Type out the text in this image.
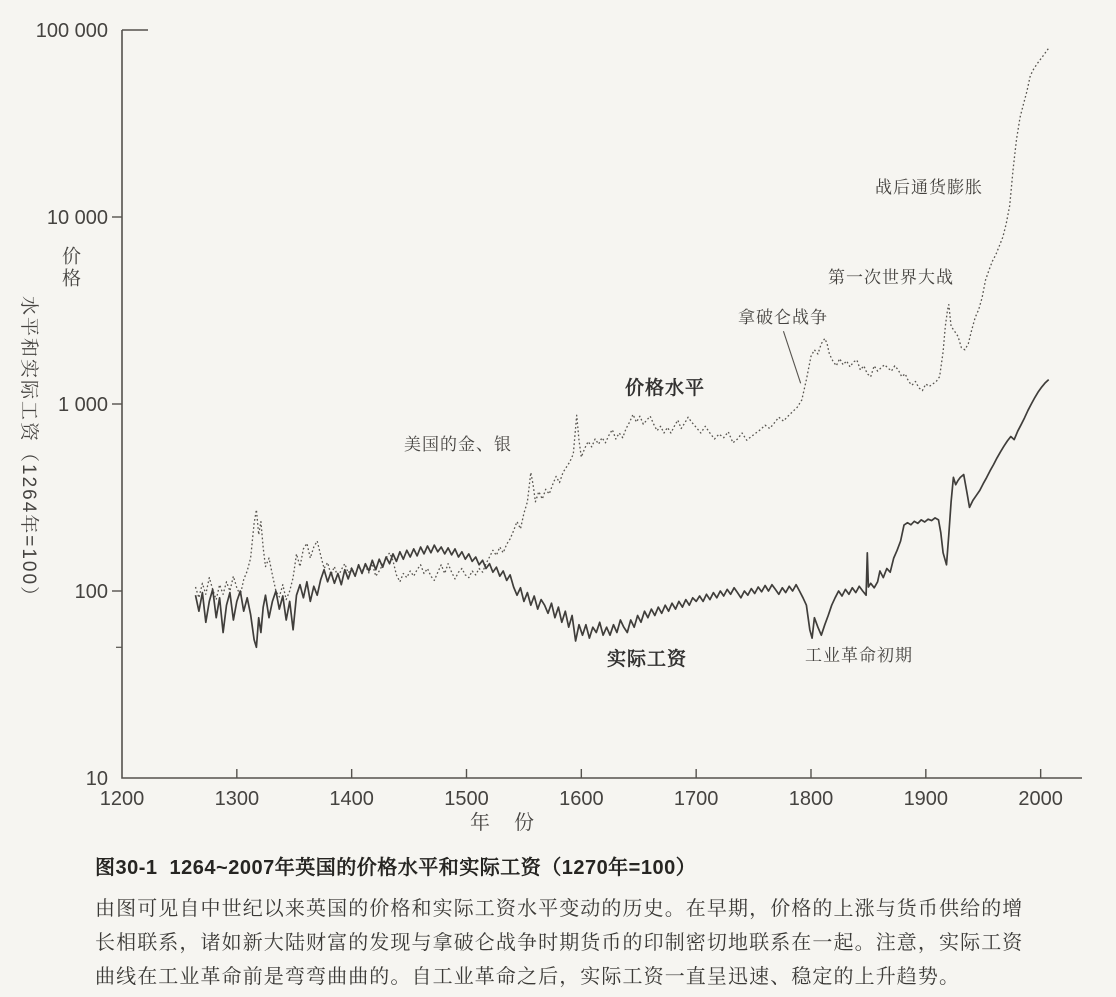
10
100
1 000
10 000
100 000
1200	1300	1400	1500	1600	1700	1800	1900	2000
价格
水平和实际工资（1264年=100）
年　份
战后通货膨胀
第一次世界大战
拿破仑战争
价格水平
美国的金、银
实际工资	工业革命初期
图30-1 1264~2007年英国的价格水平和实际工资（1270年=100）
由图可见自中世纪以来英国的价格和实际工资水平变动的历史。在早期，价格的上涨与货币供给的增
长相联系，诸如新大陆财富的发现与拿破仑战争时期货币的印制密切地联系在一起。注意，实际工资
曲线在工业革命前是弯弯曲曲的。自工业革命之后，实际工资一直呈迅速、稳定的上升趋势。
